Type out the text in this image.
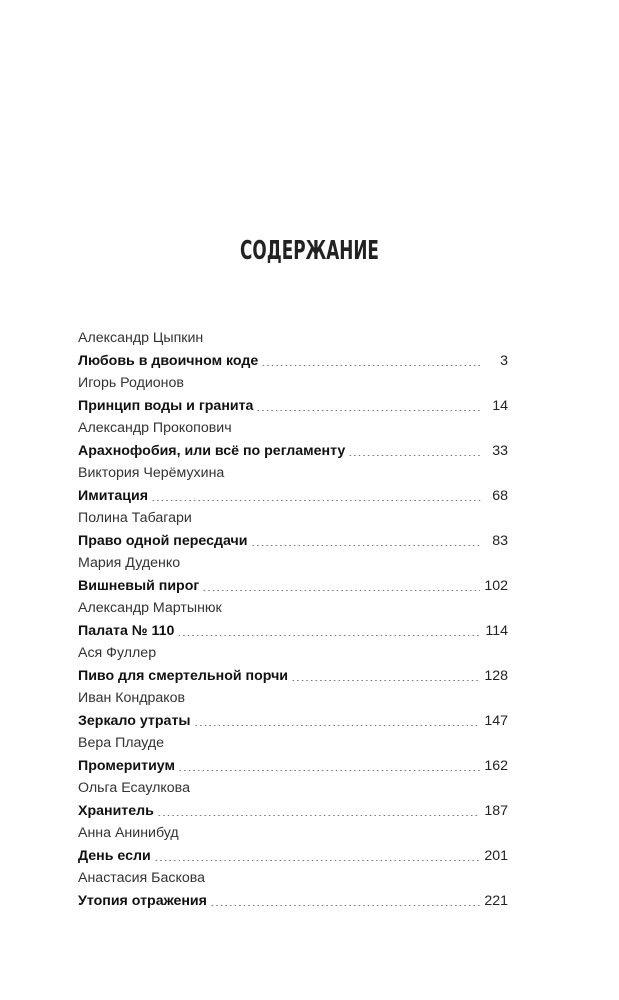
СОДЕРЖАНИЕ
Александр Цыпкин
Любовь в двоичном коде	3
Игорь Родионов
Принцип воды и гранита	14
Александр Прокопович
Арахнофобия, или всё по регламенту	33
Виктория Черёмухина
Имитация	68
Полина Табагари
Право одной пересдачи	83
Мария Дуденко
Вишневый пирог	102
Александр Мартынюк
Палата № 110	114
Ася Фуллер
Пиво для смертельной порчи	128
Иван Кондраков
Зеркало утраты	147
Вера Плауде
Промеритиум	162
Ольга Есаулкова
Хранитель	187
Анна Анинибуд
День если	201
Анастасия Баскова
Утопия отражения	221
